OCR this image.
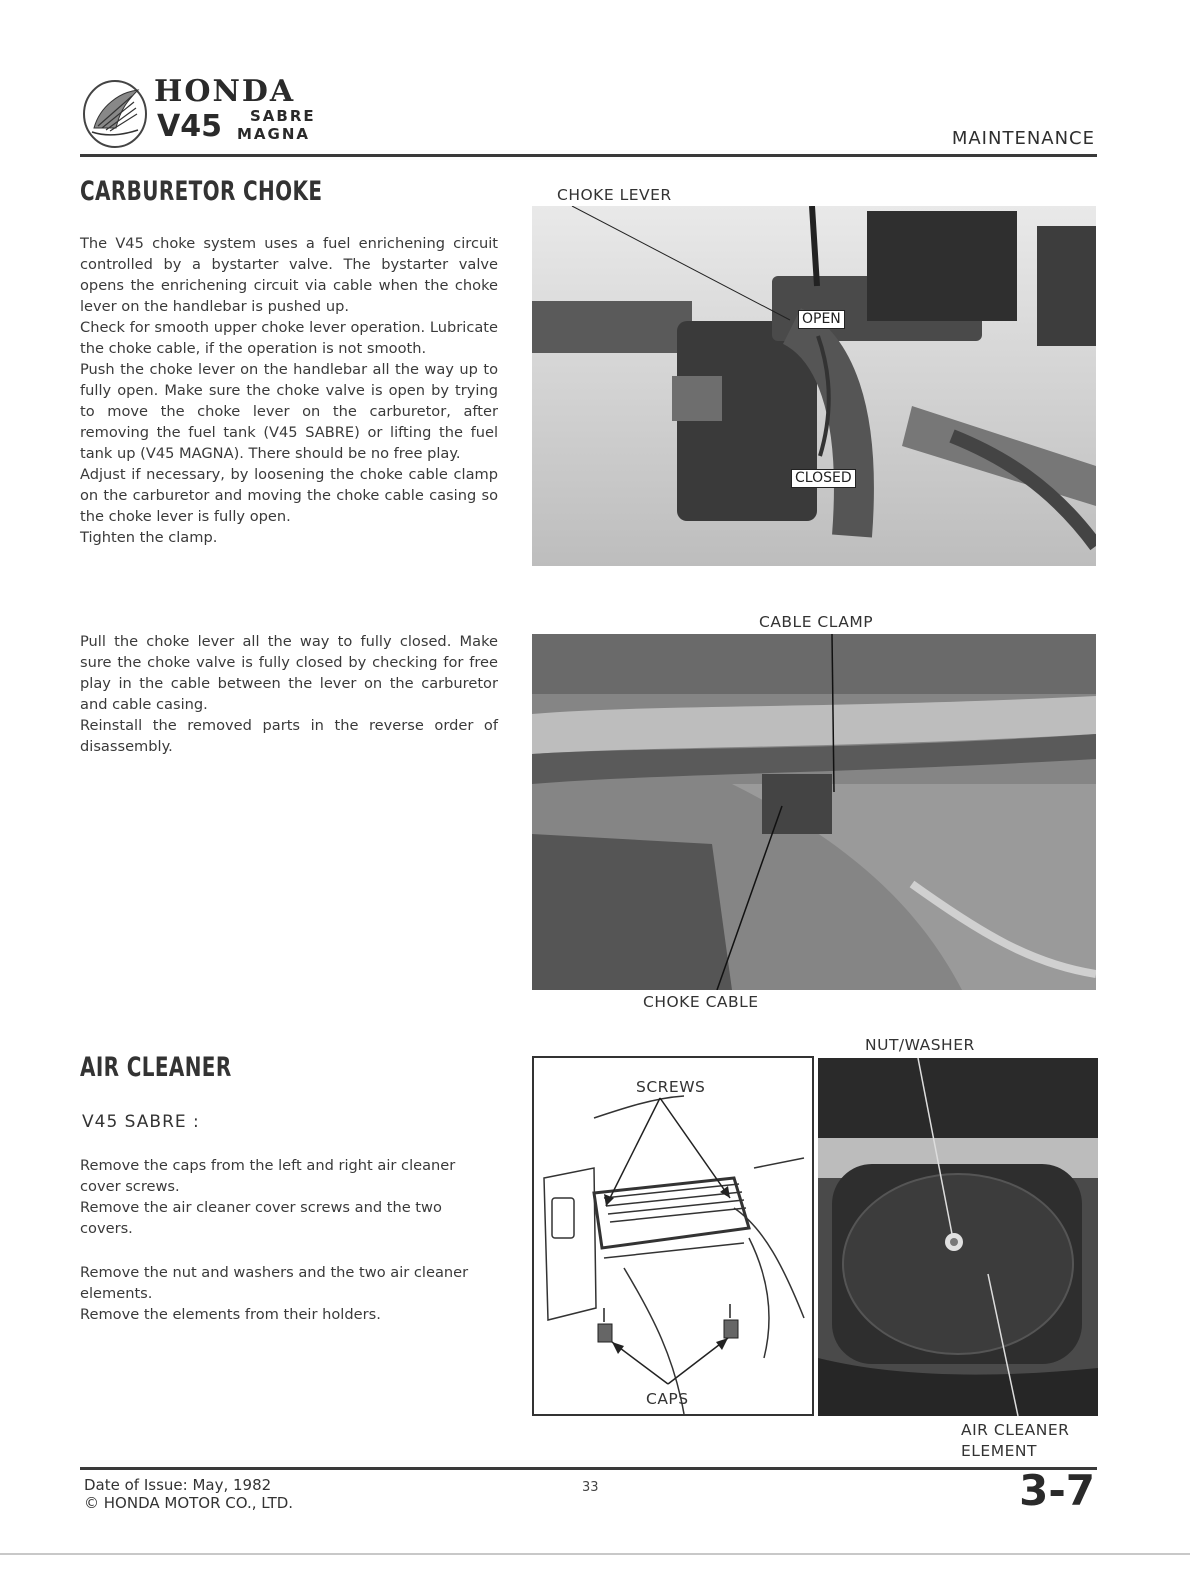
HONDA
V45 SABRE
MAGNA	MAINTENANCE
CARBURETOR CHOKE

The V45 choke system uses a fuel enrichening circuit controlled by a bystarter valve. The bystarter valve opens the enrichening circuit via cable when the choke lever on the handlebar is pushed up.

Check for smooth upper choke lever operation. Lubricate the choke cable, if the operation is not smooth.

Push the choke lever on the handlebar all the way up to fully open. Make sure the choke valve is open by trying to move the choke lever on the carburetor, after removing the fuel tank (V45 SABRE) or lifting the fuel tank up (V45 MAGNA). There should be no free play.

Adjust if necessary, by loosening the choke cable clamp on the carburetor and moving the choke cable casing so the choke lever is fully open.

Tighten the clamp.

Pull the choke lever all the way to fully closed. Make sure the choke valve is fully closed by checking for free play in the cable between the lever on the carburetor and cable casing.

Reinstall the removed parts in the reverse order of disassembly.

CHOKE LEVER
OPEN
CLOSED
CABLE CLAMP
CHOKE CABLE
AIR CLEANER
V45 SABRE :

Remove the caps from the left and right air cleaner cover screws.

Remove the air cleaner cover screws and the two covers.

Remove the nut and washers and the two air cleaner elements.

Remove the elements from their holders.

SCREWS
CAPS
NUT/WASHER
AIR CLEANER
ELEMENT
Date of Issue: May, 1982
© HONDA MOTOR CO., LTD.
33	3-7
